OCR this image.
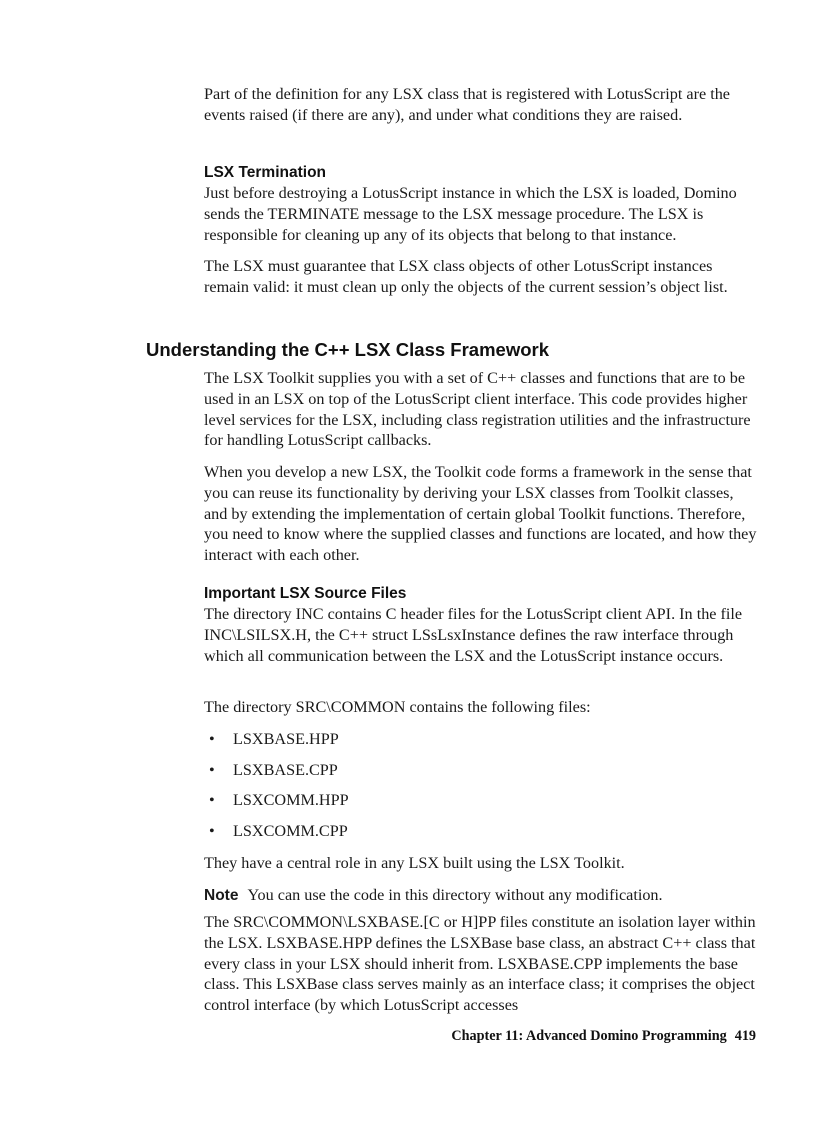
Part of the definition for any LSX class that is registered with LotusScript are the events raised (if there are any), and under what conditions they are raised.

LSX Termination

Just before destroying a LotusScript instance in which the LSX is loaded, Domino sends the TERMINATE message to the LSX message procedure. The LSX is responsible for cleaning up any of its objects that belong to that instance.

The LSX must guarantee that LSX class objects of other LotusScript instances remain valid: it must clean up only the objects of the current session’s object list.

Understanding the C++ LSX Class Framework

The LSX Toolkit supplies you with a set of C++ classes and functions that are to be used in an LSX on top of the LotusScript client interface. This code provides higher level services for the LSX, including class registration utilities and the infrastructure for handling LotusScript callbacks.

When you develop a new LSX, the Toolkit code forms a framework in the sense that you can reuse its functionality by deriving your LSX classes from Toolkit classes, and by extending the implementation of certain global Toolkit functions. Therefore, you need to know where the supplied classes and functions are located, and how they interact with each other.

Important LSX Source Files

The directory INC contains C header files for the LotusScript client API. In the file INC\LSILSX.H, the C++ struct LSsLsxInstance defines the raw interface through which all communication between the LSX and the LotusScript instance occurs.

The directory SRC\COMMON contains the following files:

• LSXBASE.HPP
• LSXBASE.CPP
• LSXCOMM.HPP
• LSXCOMM.CPP

They have a central role in any LSX built using the LSX Toolkit.

Note You can use the code in this directory without any modification.

The SRC\COMMON\LSXBASE.[C or H]PP files constitute an isolation layer within the LSX. LSXBASE.HPP defines the LSXBase base class, an abstract C++ class that every class in your LSX should inherit from. LSXBASE.CPP implements the base class. This LSXBase class serves mainly as an interface class; it comprises the object control interface (by which LotusScript accesses

Chapter 11: Advanced Domino Programming 419
